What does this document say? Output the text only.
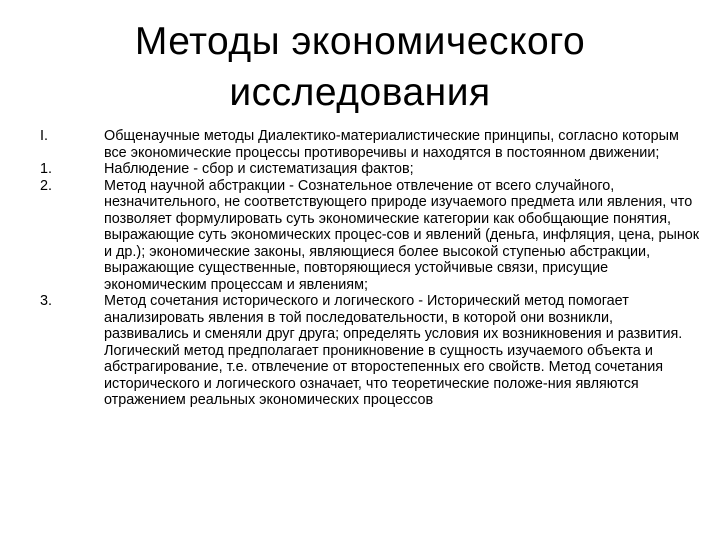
Методы экономического
исследования
I.	Общенаучные методы Диалектико-материалистические принципы, согласно которым все экономические процессы противоречивы и находятся в постоянном движении;
1.	Наблюдение - сбор и систематизация фактов;
2.	Метод научной абстракции - Сознательное отвлечение от всего случайного, незначительного, не соответствующего природе изучаемого предмета или явления, что позволяет формулировать суть экономические категории как обобщающие понятия, выражающие суть экономических процес-сов и явлений (деньга, инфляция, цена, рынок и др.); экономические законы, являющиеся более высокой ступенью абстракции, выражающие существенные, повторяющиеся устойчивые связи, присущие экономическим процессам и явлениям;
3.	Метод сочетания исторического и логического - Исторический метод помогает анализировать явления в той последовательности, в которой они возникли, развивались и сменяли друг друга; определять условия их возникновения и развития. Логический метод предполагает проникновение в сущность изучаемого объекта и абстрагирование, т.е. отвлечение от второстепенных его свойств. Метод сочетания исторического и логического означает, что теоретические положе-ния являются отражением реальных экономических процессов
